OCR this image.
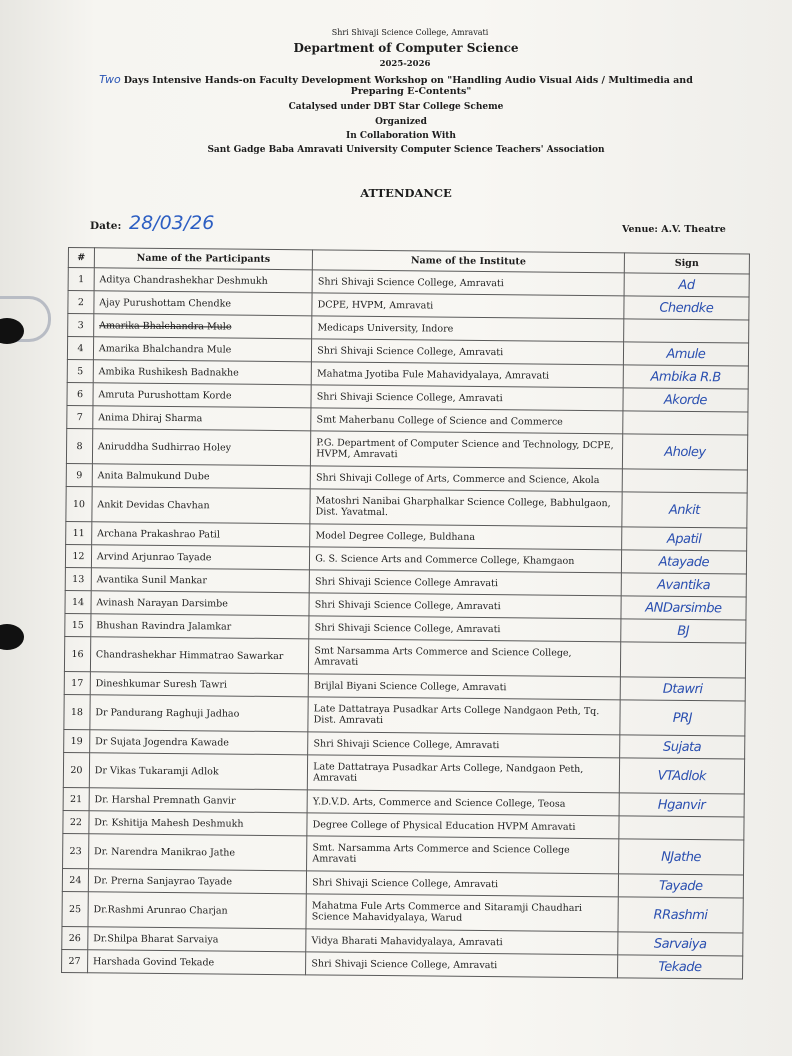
Shri Shivaji Science College, Amravati
Department of Computer Science
2025-2026
Two Days Intensive Hands-on Faculty Development Workshop on "Handling Audio Visual Aids / Multimedia and
Preparing E-Contents"
Catalysed under DBT Star College Scheme
Organized
In Collaboration With
Sant Gadge Baba Amravati University Computer Science Teachers' Association
ATTENDANCE
Date: 28/03/26	Venue: A.V. Theatre
#	Name of the Participants	Name of the Institute	Sign
1	Aditya Chandrashekhar Deshmukh	Shri Shivaji Science College, Amravati	Ad

2	Ajay Purushottam Chendke	DCPE, HVPM, Amravati	Chendke

3	Amarika Bhalchandra Mule	Medicaps University, Indore	

4	Amarika Bhalchandra Mule	Shri Shivaji Science College, Amravati	Amule

5	Ambika Rushikesh Badnakhe	Mahatma Jyotiba Fule Mahavidyalaya, Amravati	Ambika R.B

6	Amruta Purushottam Korde	Shri Shivaji Science College, Amravati	Akorde

7	Anima Dhiraj Sharma	Smt Maherbanu College of Science and Commerce	

8	Aniruddha Sudhirrao Holey	P.G. Department of Computer Science and Technology, DCPE, HVPM, Amravati	Aholey

9	Anita Balmukund Dube	Shri Shivaji College of Arts, Commerce and Science, Akola	

10	Ankit Devidas Chavhan	Matoshri Nanibai Gharphalkar Science College, Babhulgaon, Dist. Yavatmal.	Ankit

11	Archana Prakashrao Patil	Model Degree College, Buldhana	Apatil

12	Arvind Arjunrao Tayade	G. S. Science Arts and Commerce College, Khamgaon	Atayade

13	Avantika Sunil Mankar	Shri Shivaji Science College Amravati	Avantika

14	Avinash Narayan Darsimbe	Shri Shivaji Science College, Amravati	ANDarsimbe

15	Bhushan Ravindra Jalamkar	Shri Shivaji Science College, Amravati	BJ

16	Chandrashekhar Himmatrao Sawarkar	Smt Narsamma Arts Commerce and Science College, Amravati	

17	Dineshkumar Suresh Tawri	Brijlal Biyani Science College, Amravati	Dtawri

18	Dr Pandurang Raghuji Jadhao	Late Dattatraya Pusadkar Arts College Nandgaon Peth, Tq. Dist. Amravati	PRJ

19	Dr Sujata Jogendra Kawade	Shri Shivaji Science College, Amravati	Sujata

20	Dr Vikas Tukaramji Adlok	Late Dattatraya Pusadkar Arts College, Nandgaon Peth, Amravati	VTAdlok

21	Dr. Harshal Premnath Ganvir	Y.D.V.D. Arts, Commerce and Science College, Teosa	Hganvir

22	Dr. Kshitija Mahesh Deshmukh	Degree College of Physical Education HVPM Amravati	

23	Dr. Narendra Manikrao Jathe	Smt. Narsamma Arts Commerce and Science College Amravati	NJathe

24	Dr. Prerna Sanjayrao Tayade	Shri Shivaji Science College, Amravati	Tayade

25	Dr.Rashmi Arunrao Charjan	Mahatma Fule Arts Commerce and Sitaramji Chaudhari Science Mahavidyalaya, Warud	RRashmi

26	Dr.Shilpa Bharat Sarvaiya	Vidya Bharati Mahavidyalaya, Amravati	Sarvaiya

27	Harshada Govind Tekade	Shri Shivaji Science College, Amravati	Tekade
